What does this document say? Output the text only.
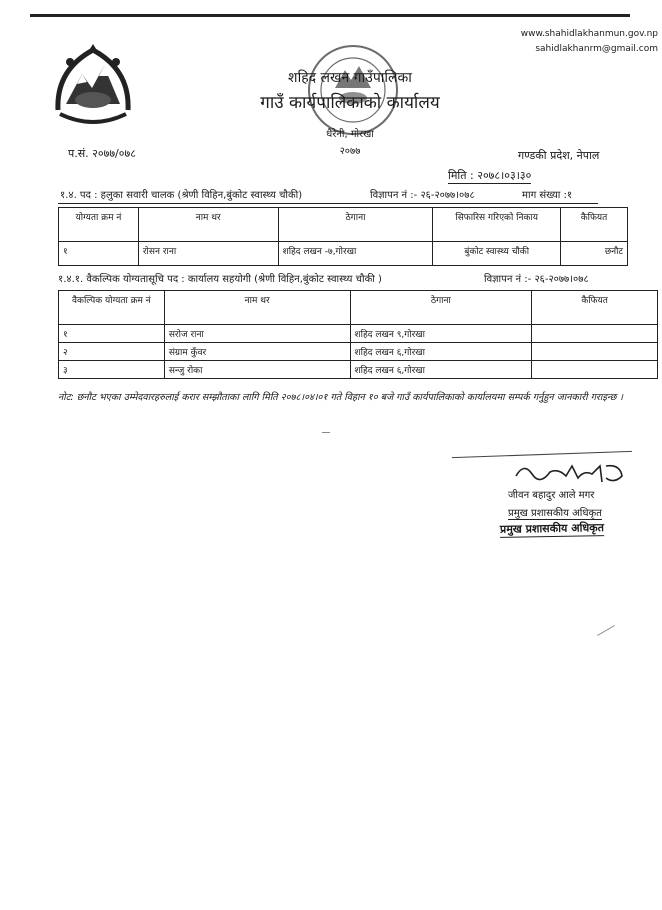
www.shahidlakhanmun.gov.np
sahidlakhanrm@gmail.com
शहिद लखन गाउँपालिका
गाउँ कार्यपालिकाको कार्यालय
धैरेनी, गोरखा
२०७७
प.सं. २०७७/०७८	गण्डकी प्रदेश, नेपाल
मिति : २०७८।०३।३०
१.४. पद : हलुका सवारी चालक (श्रेणी विहिन,बुंकोट स्वास्थ्य चौकी)	विज्ञापन नं :- २६-२०७७।०७८	माग संख्या :१
योग्यता क्रम नं	नाम थर	ठेगाना	सिफारिस गरिएको निकाय	कैफियत
१	रोसन राना	शहिद लखन -७,गोरखा	बुंकोट स्वास्थ्य चौकी	छनौट
१.४.१. वैकल्पिक योग्यतासूचि पद : कार्यालय सहयोगी (श्रेणी विहिन,बुंकोट स्वास्थ्य चौकी )	विज्ञापन नं :- २६-२०७७।०७८
वैकल्पिक योग्यता क्रम नं	नाम थर	ठेगाना	कैफियत
१	सरोज राना	शहिद लखन ९,गोरखा	
२	संग्राम कुँवर	शहिद लखन ६,गोरखा	
३	सन्जु रोका	शहिद लखन ६,गोरखा	
नोट: छनौट भएका उम्मेदवारहरुलाई करार सम्झौताका लागि मिति २०७८।०४।०१ गते विहान १० बजे गाउँ कार्यपालिकाको कार्यालयमा सम्पर्क गर्नुहुन जानकारी गराइन्छ ।
जीवन बहादुर आले मगर
प्रमुख प्रशासकीय अधिकृत
प्रमुख प्रशासकीय अधिकृत
